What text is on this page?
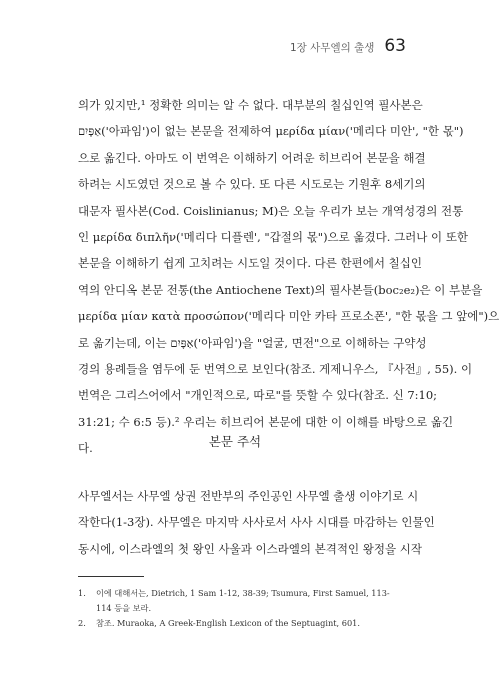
1장 사무엘의 출생 63

의가 있지만,¹ 정확한 의미는 알 수 없다. 대부분의 칠십인역 필사본은

אַפָּיִם('아파임')이 없는 본문을 전제하여 μερίδα μίαν('메리다 미안', "한 몫")

으로 옮긴다. 아마도 이 번역은 이해하기 어려운 히브리어 본문을 해결

하려는 시도였던 것으로 볼 수 있다. 또 다른 시도로는 기원후 8세기의

대문자 필사본(Cod. Coislinianus; M)은 오늘 우리가 보는 개역성경의 전통

인 μερίδα διπλῆν('메리다 디플렌', "갑절의 몫")으로 옮겼다. 그러나 이 또한

본문을 이해하기 쉽게 고치려는 시도일 것이다. 다른 한편에서 칠십인

역의 안디옥 본문 전통(the Antiochene Text)의 필사본들(boc₂e₂)은 이 부분을

μερίδα μίαν κατὰ προσώπον('메리다 미안 카타 프로소폰', "한 몫을 그 앞에")으

로 옮기는데, 이는 אַפָּיִם('아파임')을 "얼굴, 면전"으로 이해하는 구약성

경의 용례들을 염두에 둔 번역으로 보인다(참조. 게제니우스, 『사전』, 55). 이

번역은 그리스어에서 "개인적으로, 따로"를 뜻할 수 있다(참조. 신 7:10;

31:21; 수 6:5 등).² 우리는 히브리어 본문에 대한 이 이해를 바탕으로 옮긴

다.	본문 주석

사무엘서는 사무엘 상권 전반부의 주인공인 사무엘 출생 이야기로 시

작한다(1-3장). 사무엘은 마지막 사사로서 사사 시대를 마감하는 인물인

동시에, 이스라엘의 첫 왕인 사울과 이스라엘의 본격적인 왕정을 시작

1.	이에 대해서는, Dietrich, 1 Sam 1-12, 38-39; Tsumura, First Samuel, 113-114 등을 보라.
2.	참조. Muraoka, A Greek-English Lexicon of the Septuagint, 601.
